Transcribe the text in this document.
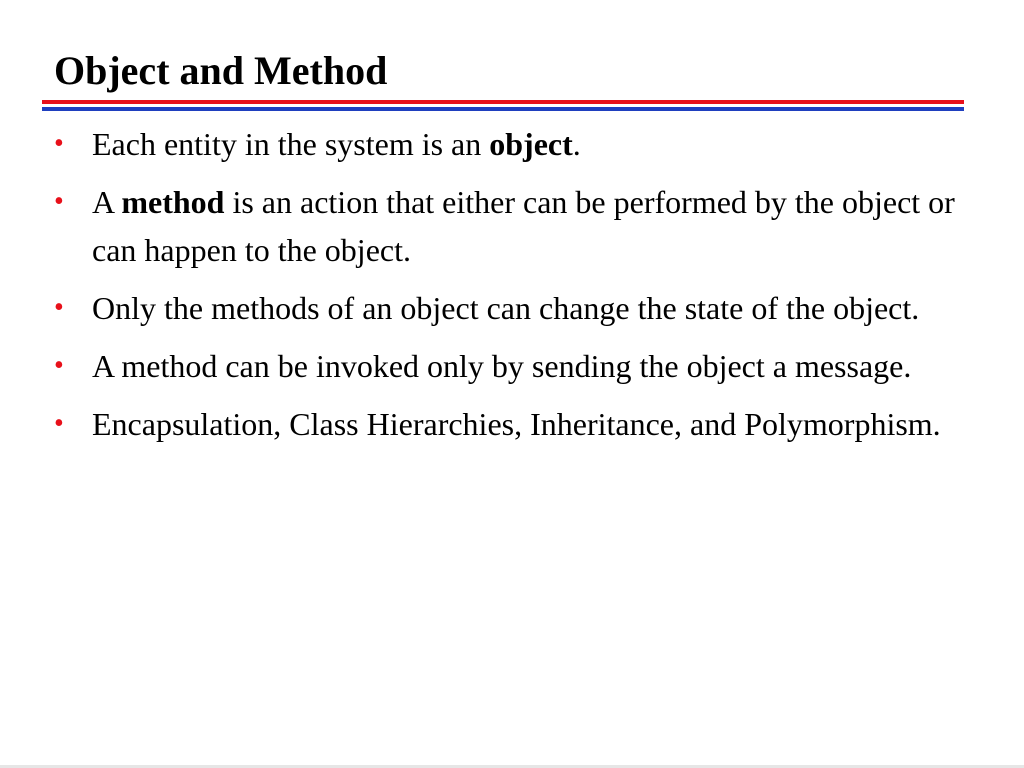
Object and Method
• Each entity in the system is an object.
• A method is an action that either can be performed by the object or can happen to the object.
• Only the methods of an object can change the state of the object.
• A method can be invoked only by sending the object a message.
• Encapsulation, Class Hierarchies, Inheritance, and Polymorphism.
